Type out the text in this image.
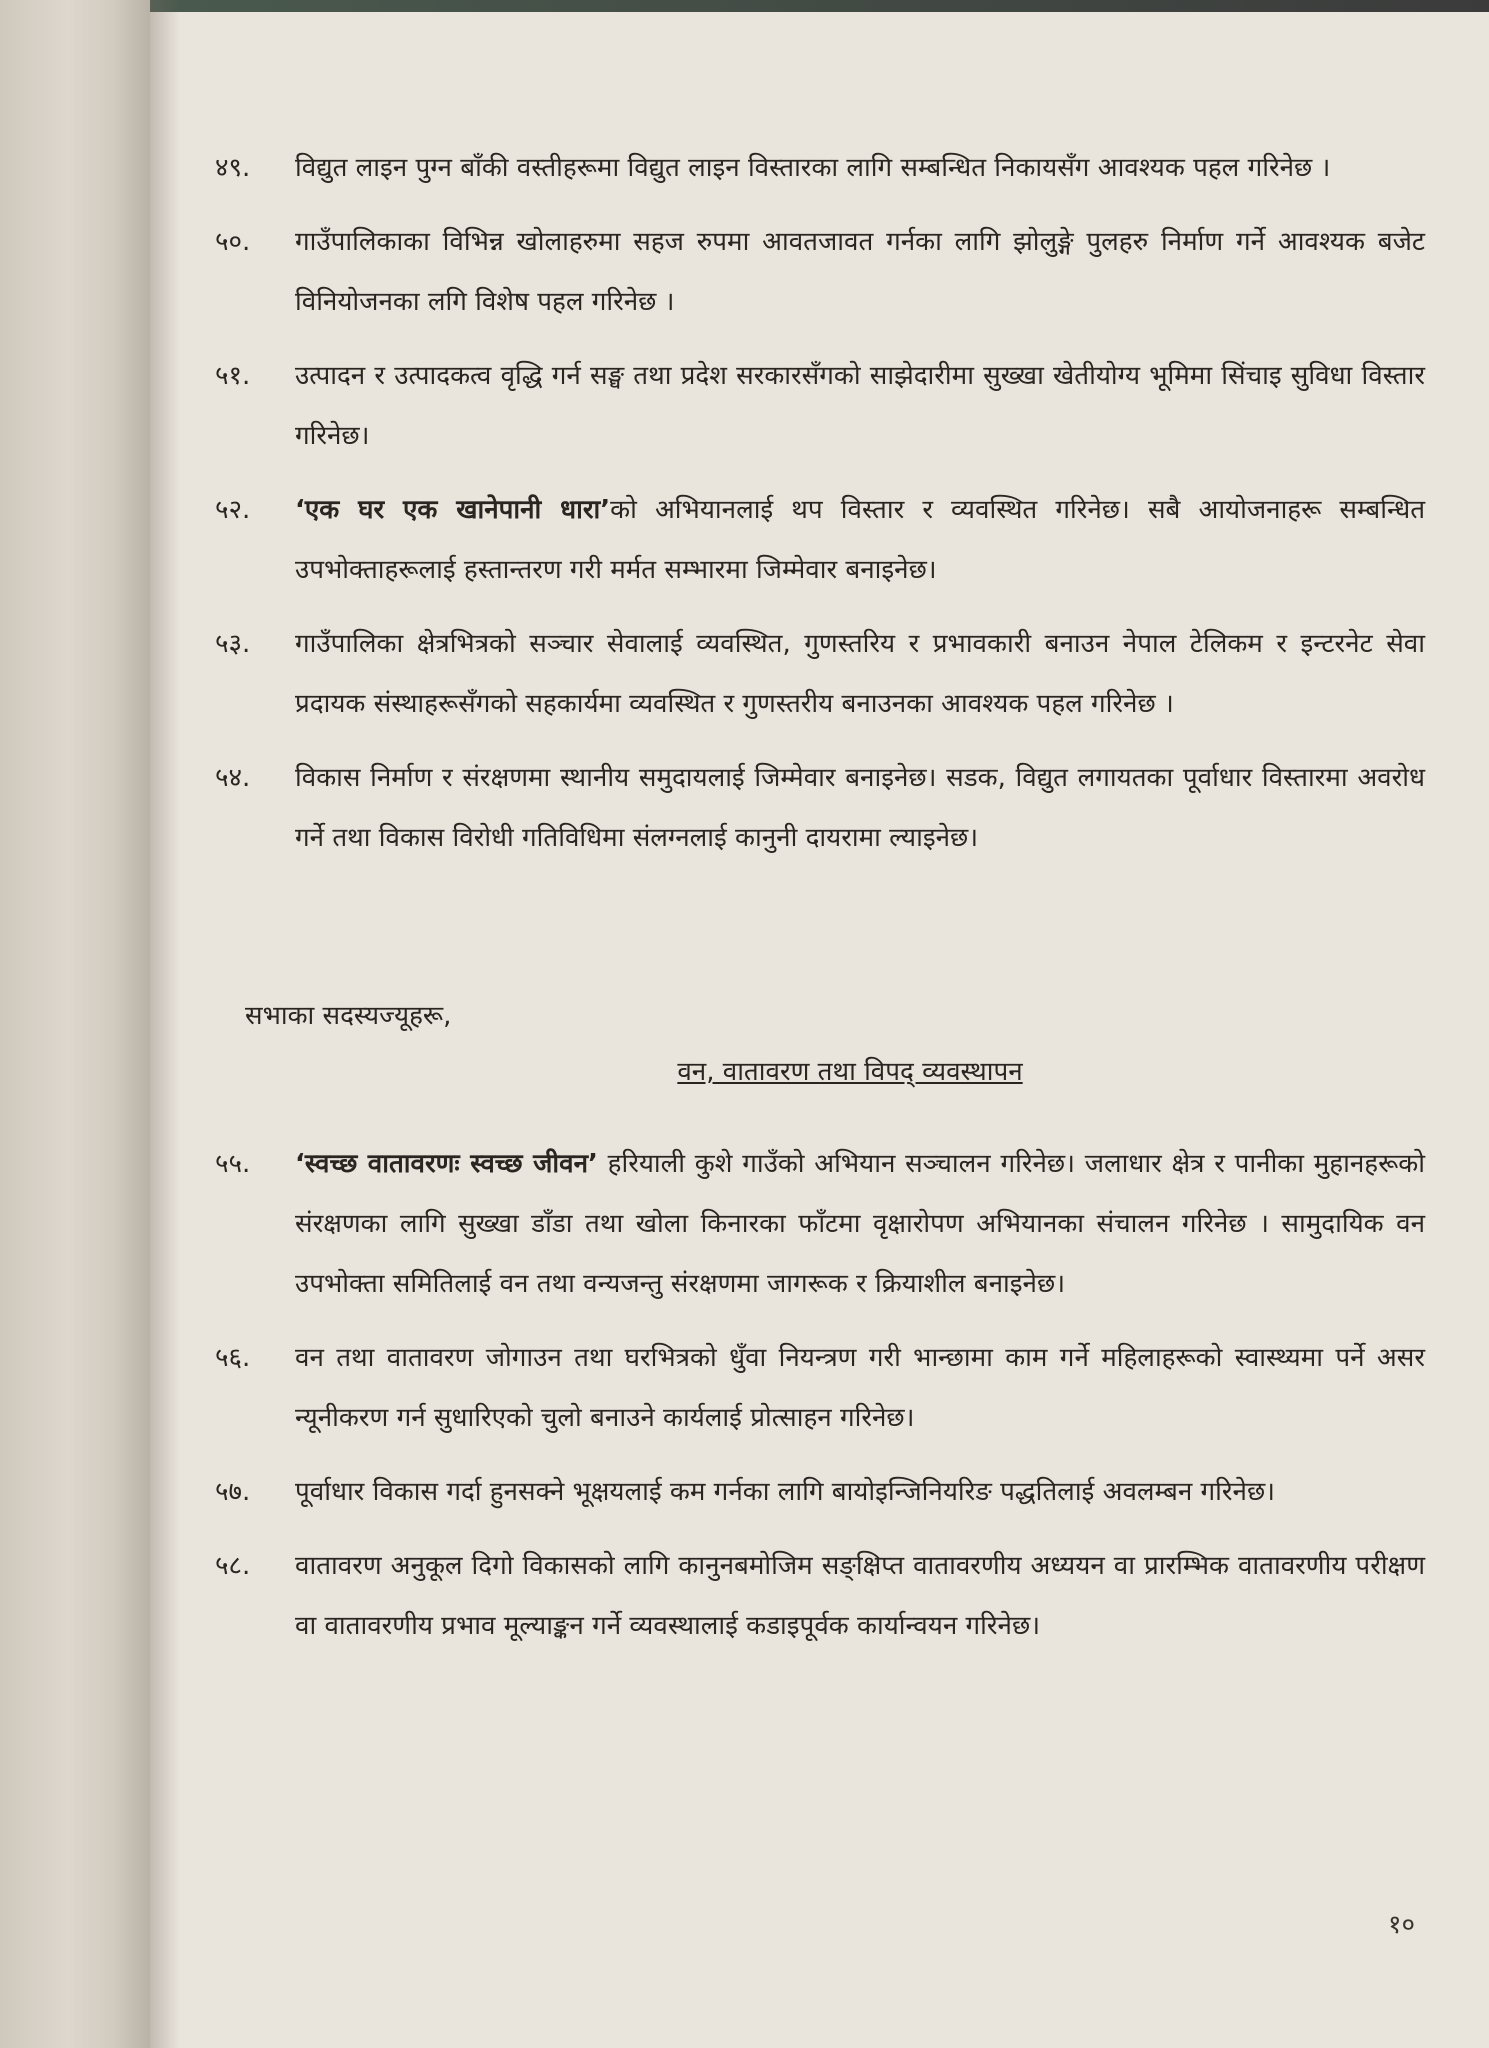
४९.	विद्युत लाइन पुग्न बाँकी वस्तीहरूमा विद्युत लाइन विस्तारका लागि सम्बन्धित निकायसँग आवश्यक पहल गरिनेछ ।
५०.	गाउँपालिकाका विभिन्न खोलाहरुमा सहज रुपमा आवतजावत गर्नका लागि झोलुङ्गे पुलहरु निर्माण गर्ने आवश्यक बजेट विनियोजनका लगि विशेष पहल गरिनेछ ।
५१.	उत्पादन र उत्पादकत्व वृद्धि गर्न सङ्घ तथा प्रदेश सरकारसँगको साझेदारीमा सुख्खा खेतीयोग्य भूमिमा सिंचाइ सुविधा विस्तार गरिनेछ।
५२.	‘एक घर एक खानेपानी धारा’को अभियानलाई थप विस्तार र व्यवस्थित गरिनेछ। सबै आयोजनाहरू सम्बन्धित उपभोक्ताहरूलाई हस्तान्तरण गरी मर्मत सम्भारमा जिम्मेवार बनाइनेछ।
५३.	गाउँपालिका क्षेत्रभित्रको सञ्चार सेवालाई व्यवस्थित, गुणस्तरिय र प्रभावकारी बनाउन नेपाल टेलिकम र इन्टरनेट सेवा प्रदायक संस्थाहरूसँगको सहकार्यमा व्यवस्थित र गुणस्तरीय बनाउनका आवश्यक पहल गरिनेछ ।
५४.	विकास निर्माण र संरक्षणमा स्थानीय समुदायलाई जिम्मेवार बनाइनेछ। सडक, विद्युत लगायतका पूर्वाधार विस्तारमा अवरोध गर्ने तथा विकास विरोधी गतिविधिमा संलग्नलाई कानुनी दायरामा ल्याइनेछ।
सभाका सदस्यज्यूहरू,
वन, वातावरण तथा विपद् व्यवस्थापन
५५.	‘स्वच्छ वातावरणः स्वच्छ जीवन’ हरियाली कुशे गाउँको अभियान सञ्चालन गरिनेछ। जलाधार क्षेत्र र पानीका मुहानहरूको संरक्षणका लागि सुख्खा डाँडा तथा खोला किनारका फाँटमा वृक्षारोपण अभियानका संचालन गरिनेछ । सामुदायिक वन उपभोक्ता समितिलाई वन तथा वन्यजन्तु संरक्षणमा जागरूक र क्रियाशील बनाइनेछ।
५६.	वन तथा वातावरण जोगाउन तथा घरभित्रको धुँवा नियन्त्रण गरी भान्छामा काम गर्ने महिलाहरूको स्वास्थ्यमा पर्ने असर न्यूनीकरण गर्न सुधारिएको चुलो बनाउने कार्यलाई प्रोत्साहन गरिनेछ।
५७.	पूर्वाधार विकास गर्दा हुनसक्ने भूक्षयलाई कम गर्नका लागि बायोइन्जिनियरिङ पद्धतिलाई अवलम्बन गरिनेछ।
५८.	वातावरण अनुकूल दिगो विकासको लागि कानुनबमोजिम सङ्क्षिप्त वातावरणीय अध्ययन वा प्रारम्भिक वातावरणीय परीक्षण वा वातावरणीय प्रभाव मूल्याङ्कन गर्ने व्यवस्थालाई कडाइपूर्वक कार्यान्वयन गरिनेछ।
१०
